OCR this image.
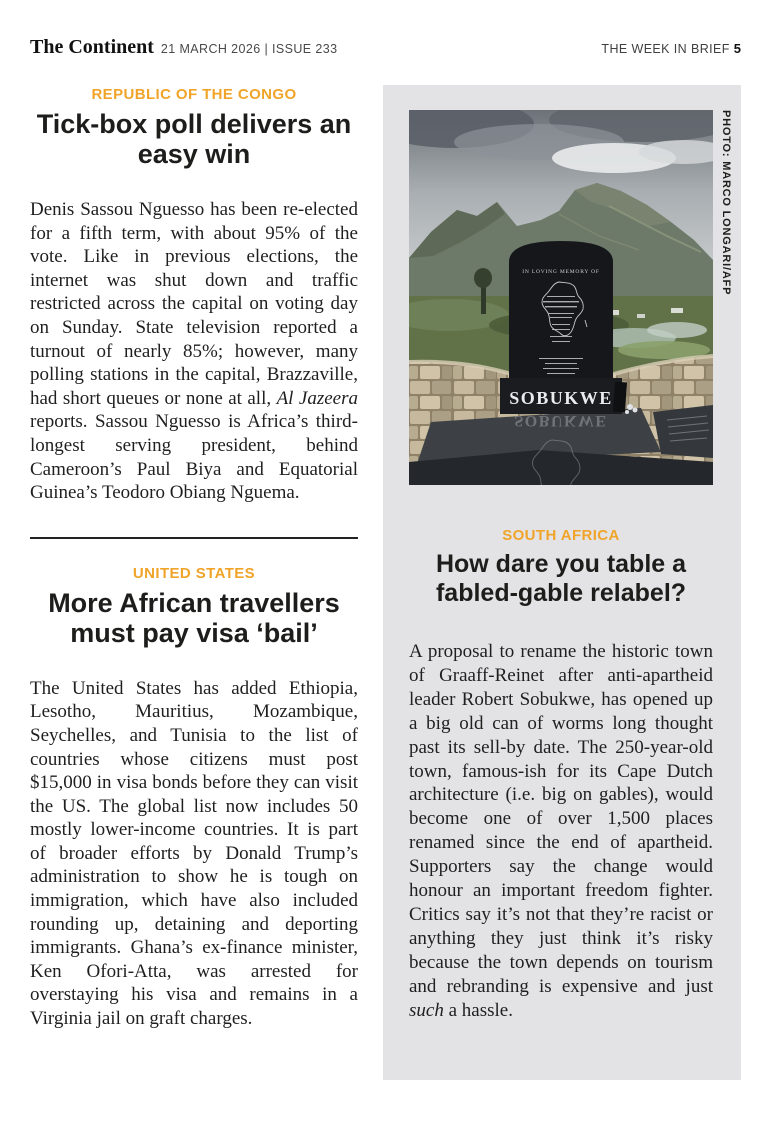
The Continent 21 MARCH 2026 | ISSUE 233	THE WEEK IN BRIEF 5
REPUBLIC OF THE CONGO
Tick-box poll delivers an easy win

Denis Sassou Nguesso has been re-elected for a fifth term, with about 95% of the vote. Like in previous elections, the internet was shut down and traffic restricted across the capital on voting day on Sunday. State television reported a turnout of nearly 85%; however, many polling stations in the capital, Brazzaville, had short queues or none at all, Al Jazeera reports. Sassou Nguesso is Africa’s third-longest serving president, behind Cameroon’s Paul Biya and Equatorial Guinea’s Teodoro Obiang Nguema.

UNITED STATES
More African travellers must pay visa ‘bail’

The United States has added Ethiopia, Lesotho, Mauritius, Mozambique, Seychelles, and Tunisia to the list of countries whose citizens must post $15,000 in visa bonds before they can visit the US. The global list now includes 50 mostly lower-income countries. It is part of broader efforts by Donald Trump’s administration to show he is tough on immigration, which have also included rounding up, detaining and deporting immigrants. Ghana’s ex-finance minister, Ken Ofori-Atta, was arrested for overstaying his visa and remains in a Virginia jail on graft charges.

IN LOVING MEMORY OF
SOBUKWE
SOBUKWE
PHOTO: MARCO LONGARI/AFP
SOUTH AFRICA
How dare you table a fabled-gable relabel?

A proposal to rename the historic town of Graaff-Reinet after anti-apartheid leader Robert Sobukwe, has opened up a big old can of worms long thought past its sell-by date. The 250-year-old town, famous-ish for its Cape Dutch architecture (i.e. big on gables), would become one of over 1,500 places renamed since the end of apartheid. Supporters say the change would honour an important freedom fighter. Critics say it’s not that they’re racist or anything they just think it’s risky because the town depends on tourism and rebranding is expensive and just such a hassle.
